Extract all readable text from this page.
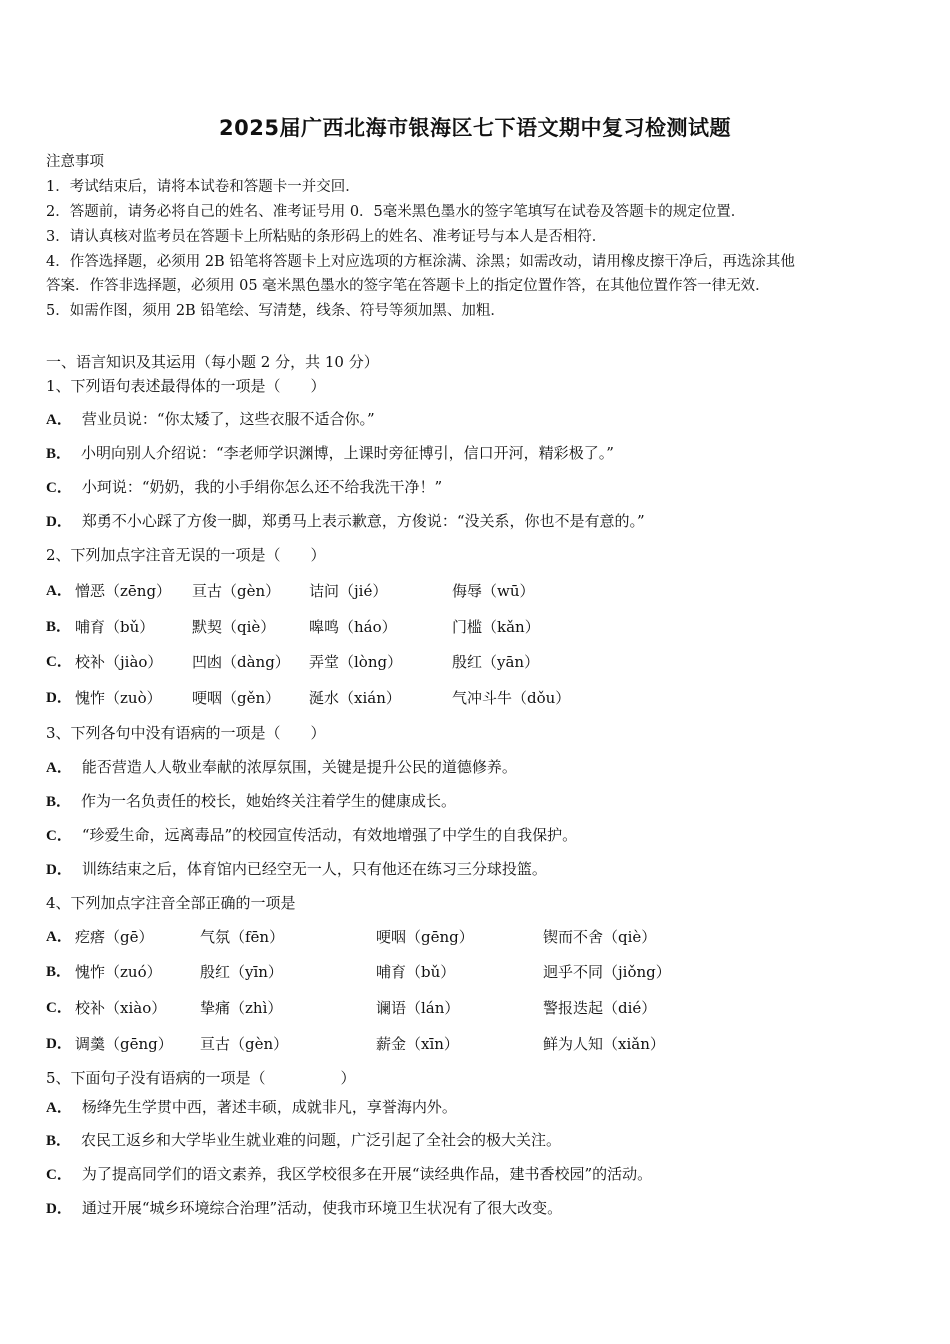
2025届广西北海市银海区七下语文期中复习检测试题
注意事项
1．考试结束后，请将本试卷和答题卡一并交回．
2．答题前，请务必将自己的姓名、准考证号用 0．5毫米黑色墨水的签字笔填写在试卷及答题卡的规定位置．
3．请认真核对监考员在答题卡上所粘贴的条形码上的姓名、准考证号与本人是否相符．
4．作答选择题，必须用 2B 铅笔将答题卡上对应选项的方框涂满、涂黑；如需改动，请用橡皮擦干净后，再选涂其他
答案．作答非选择题，必须用 05 毫米黑色墨水的签字笔在答题卡上的指定位置作答，在其他位置作答一律无效．
5．如需作图，须用 2B 铅笔绘、写清楚，线条、符号等须加黑、加粗．
一、语言知识及其运用（每小题 2 分，共 10 分）
1、下列语句表述最得体的一项是（　　）
A． 营业员说：“你太矮了，这些衣服不适合你。”
B． 小明向别人介绍说：“李老师学识渊博，上课时旁征博引，信口开河，精彩极了。”
C． 小珂说：“奶奶，我的小手绢你怎么还不给我洗干净！”
D． 郑勇不小心踩了方俊一脚，郑勇马上表示歉意，方俊说：“没关系，你也不是有意的。”
2、下列加点字注音无误的一项是（　　）
A． 憎恶（zēng） 亘古（gèn） 诘问（jié）	侮辱（wū）
B． 哺育（bǔ）	默契（qiè） 嗥鸣（háo）	门槛（kǎn）
C． 校补（jiào） 凹凼（dàng） 弄堂（lòng）	殷红（yān）
D． 愧怍（zuò） 哽咽（gěn） 涎水（xián）	气冲斗牛（dǒu）
3、下列各句中没有语病的一项是（　　）
A． 能否营造人人敬业奉献的浓厚氛围，关键是提升公民的道德修养。
B． 作为一名负责任的校长，她始终关注着学生的健康成长。
C． “珍爱生命，远离毒品”的校园宣传活动，有效地增强了中学生的自我保护。
D． 训练结束之后，体育馆内已经空无一人，只有他还在练习三分球投篮。
4、下列加点字注音全部正确的一项是
A． 疙瘩（gē）	气氛（fēn）	哽咽（gēng）	锲而不舍（qiè）
B． 愧怍（zuó）	殷红（yīn）	哺育（bǔ）	迥乎不同（jiǒng）
C． 校补（xiào） 挚痛（zhì）	谰语（lán）	警报迭起（dié）
D． 调羹（gēng） 亘古（gèn）	薪金（xīn）	鲜为人知（xiǎn）
5、下面句子没有语病的一项是（　　　　　）
A． 杨绛先生学贯中西，著述丰硕，成就非凡，享誉海内外。
B． 农民工返乡和大学毕业生就业难的问题，广泛引起了全社会的极大关注。
C． 为了提高同学们的语文素养，我区学校很多在开展“读经典作品，建书香校园”的活动。
D． 通过开展“城乡环境综合治理”活动，使我市环境卫生状况有了很大改变。
